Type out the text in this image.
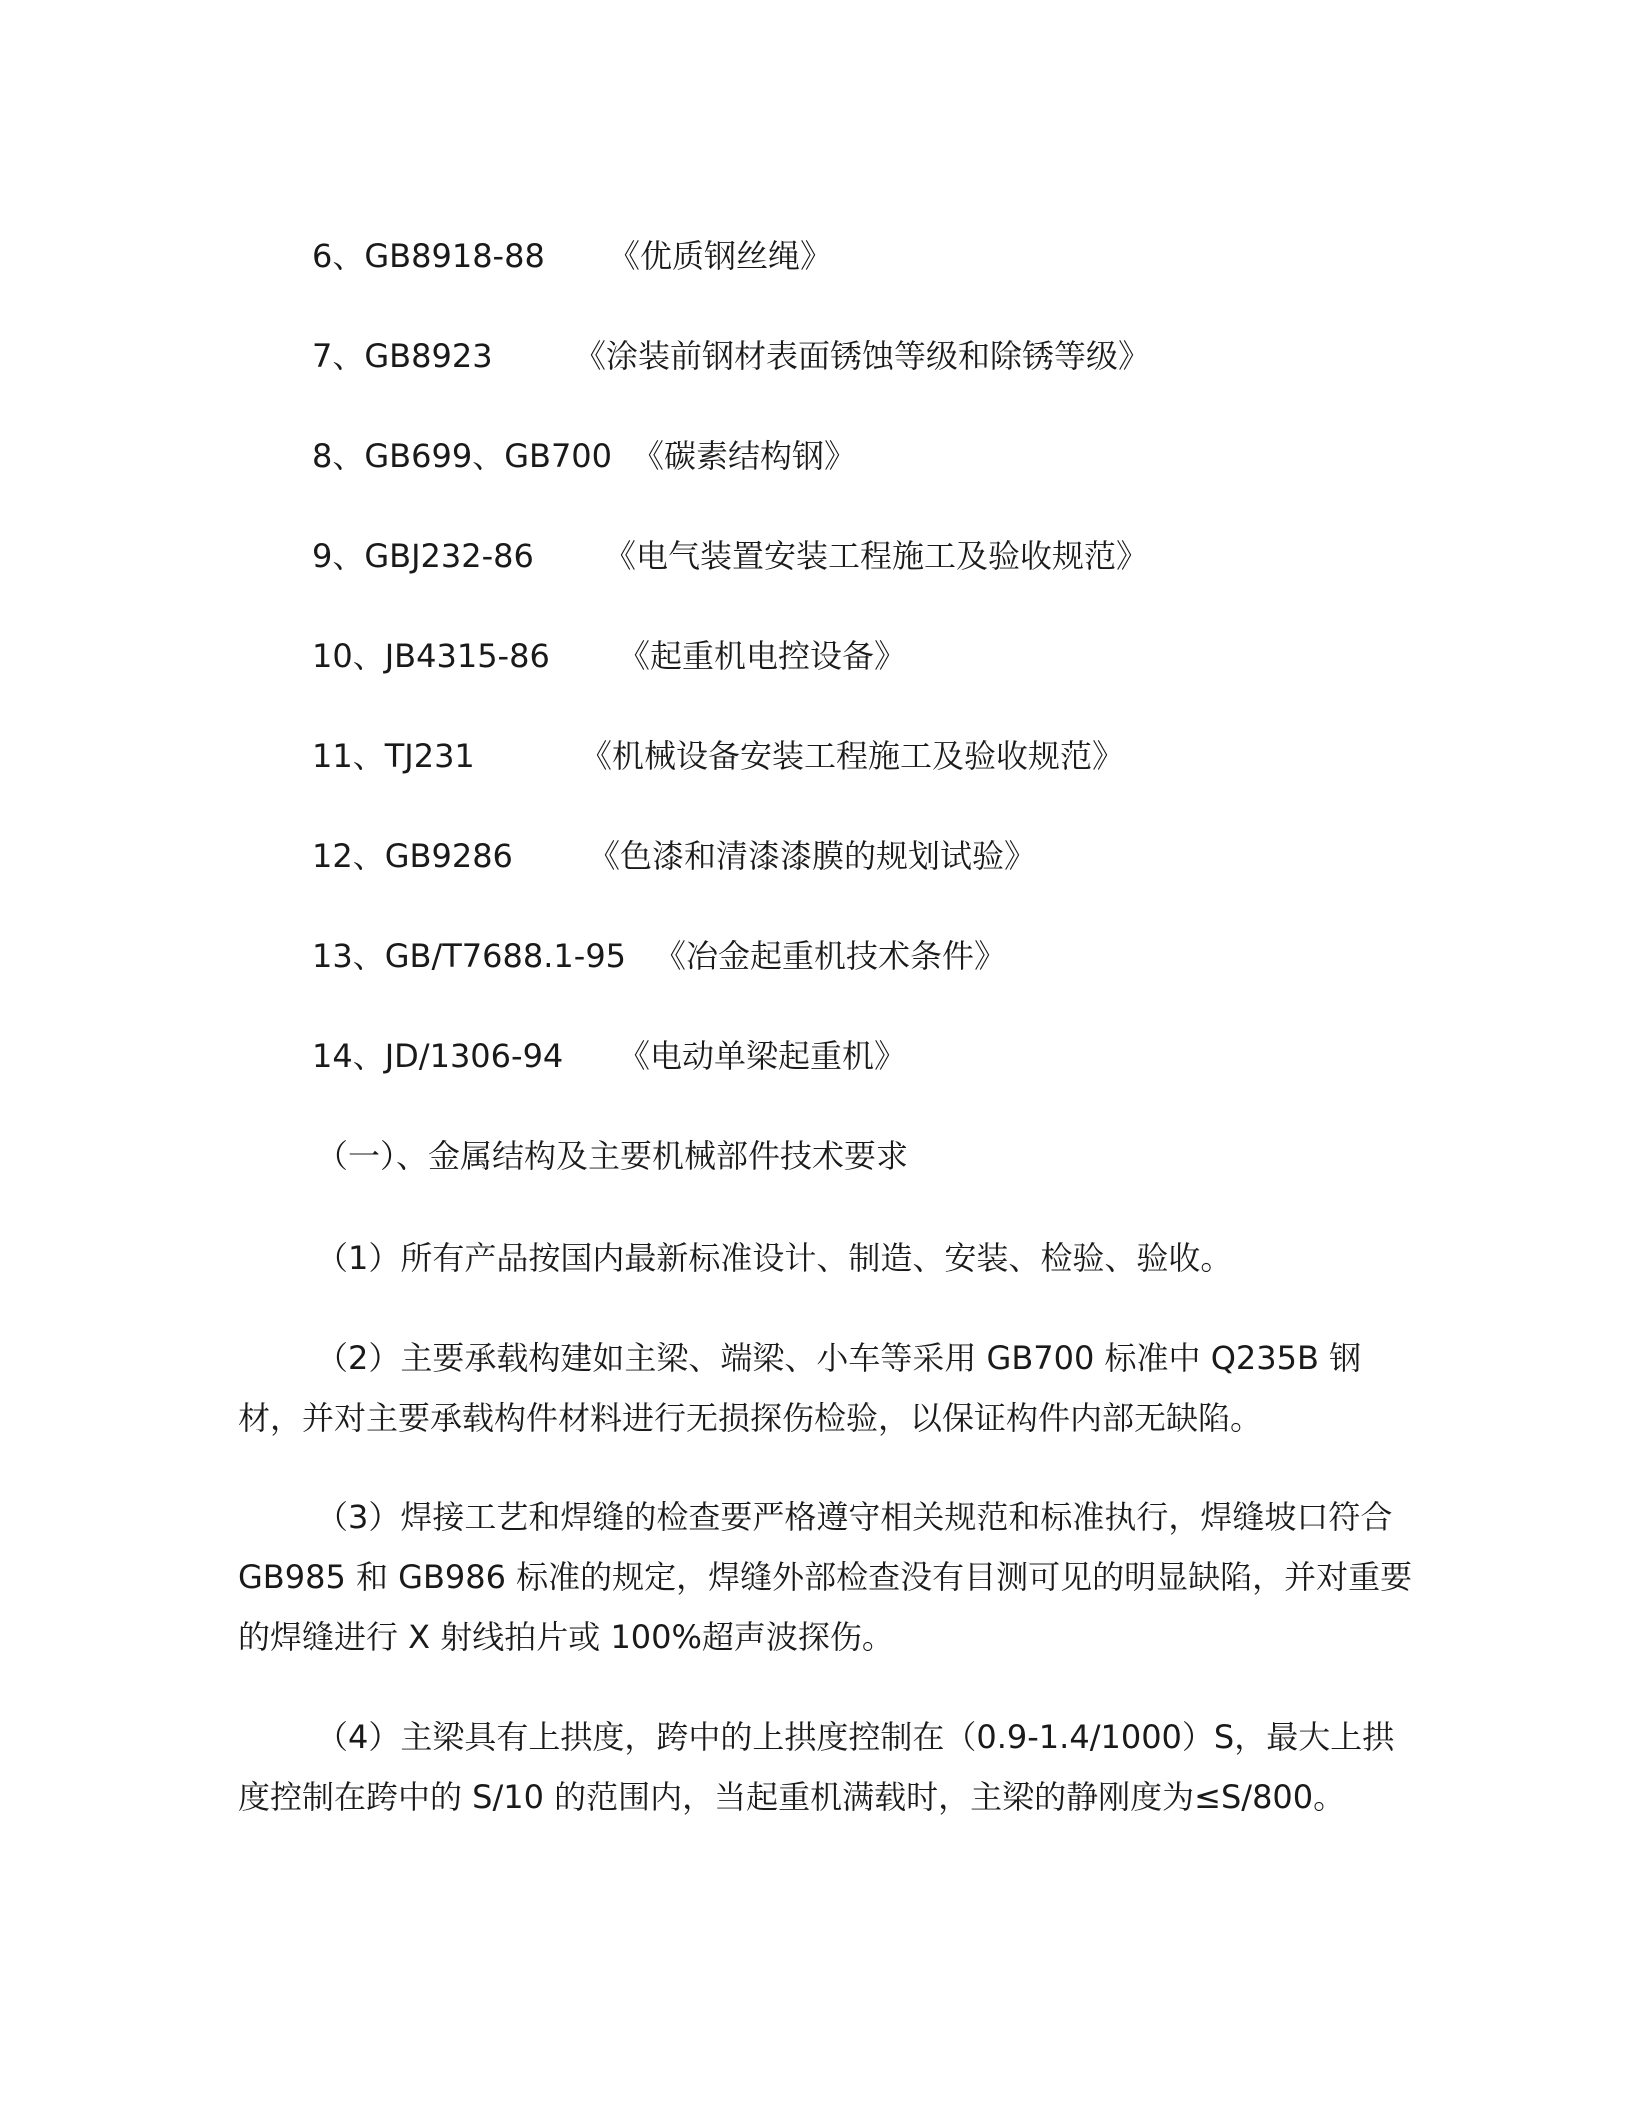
6、GB8918-88 《优质钢丝绳》
7、GB8923	《涂装前钢材表面锈蚀等级和除锈等级》
8、GB699、GB700 《碳素结构钢》
9、GBJ232-86 《电气装置安装工程施工及验收规范》
10、JB4315-86 《起重机电控设备》
11、TJ231	《机械设备安装工程施工及验收规范》
12、GB9286 《色漆和清漆漆膜的规划试验》
13、GB/T7688.1-95 《冶金起重机技术条件》
14、JD/1306-94 《电动单梁起重机》
（一）、金属结构及主要机械部件技术要求
（1）所有产品按国内最新标准设计、制造、安装、检验、验收。
（2）主要承载构建如主梁、端梁、小车等采用 GB700 标准中 Q235B 钢
材，并对主要承载构件材料进行无损探伤检验，以保证构件内部无缺陷。
（3）焊接工艺和焊缝的检查要严格遵守相关规范和标准执行，焊缝坡口符合
GB985 和 GB986 标准的规定，焊缝外部检查没有目测可见的明显缺陷，并对重要
的焊缝进行 X 射线拍片或 100%超声波探伤。
（4）主梁具有上拱度，跨中的上拱度控制在（0.9-1.4/1000）S，最大上拱
度控制在跨中的 S/10 的范围内，当起重机满载时，主梁的静刚度为≤S/800。
